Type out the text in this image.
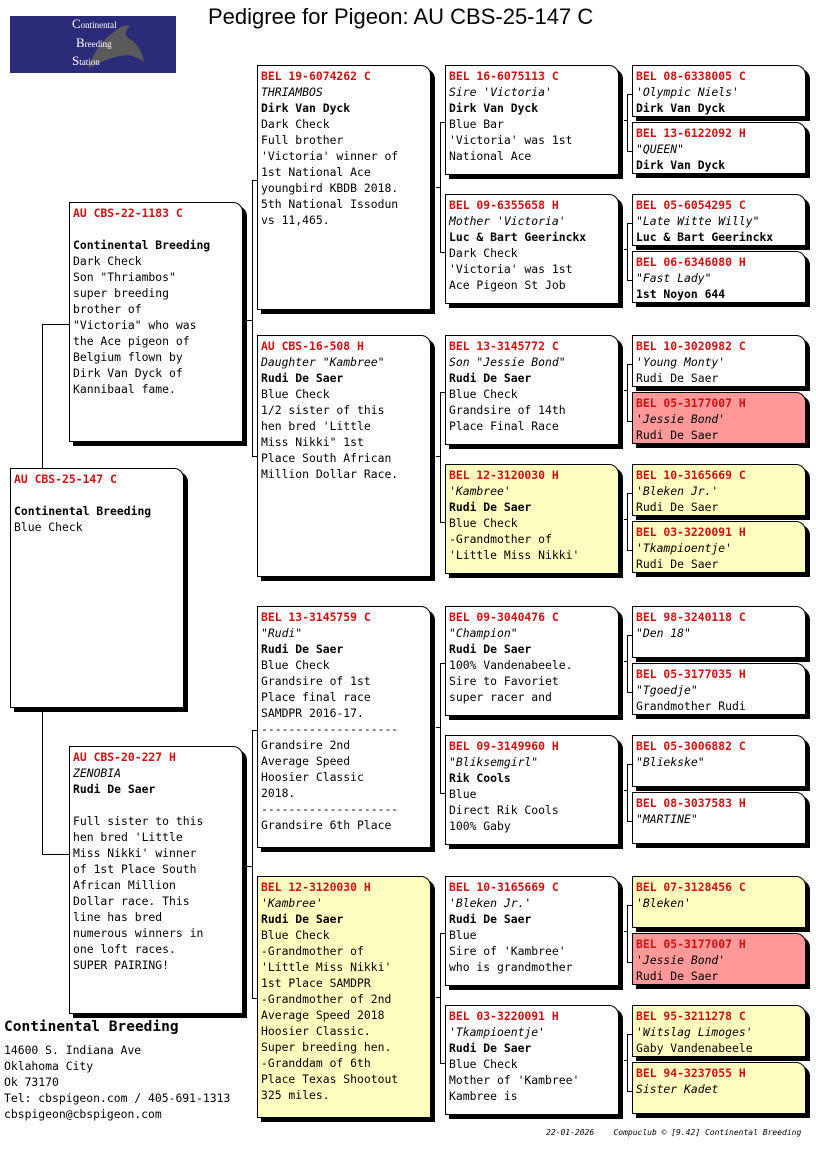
Pedigree for Pigeon: AU CBS-25-147 C
Continental
Breeding
Station
AU CBS-25-147 C
Continental Breeding
Blue Check
AU CBS-22-1183 C
Continental Breeding
Dark Check
Son "Thriambos"
super breeding
brother of
"Victoria" who was
the Ace pigeon of
Belgium flown by
Dirk Van Dyck of
Kannibaal fame.
AU CBS-20-227 H
ZENOBIA
Rudi De Saer
Full sister to this
hen bred 'Little
Miss Nikki' winner
of 1st Place South
African Million
Dollar race. This
line has bred
numerous winners in
one loft races.
SUPER PAIRING!
BEL 19-6074262 C
THRIAMBOS
Dirk Van Dyck
Dark Check
Full brother
'Victoria' winner of
1st National Ace
youngbird KBDB 2018.
5th National Issodun
vs 11,465.
AU CBS-16-508 H
Daughter "Kambree"
Rudi De Saer
Blue Check
1/2 sister of this
hen bred 'Little
Miss Nikki" 1st
Place South African
Million Dollar Race.
BEL 13-3145759 C
"Rudi"
Rudi De Saer
Blue Check
Grandsire of 1st
Place final race
SAMDPR 2016-17.
--------------------
Grandsire 2nd
Average Speed
Hoosier Classic
2018.
--------------------
Grandsire 6th Place
BEL 12-3120030 H
'Kambree'
Rudi De Saer
Blue Check
-Grandmother of
'Little Miss Nikki'
1st Place SAMDPR
-Grandmother of 2nd
Average Speed 2018
Hoosier Classic.
Super breeding hen.
-Granddam of 6th
Place Texas Shootout
325 miles.
BEL 16-6075113 C
Sire 'Victoria'
Dirk Van Dyck
Blue Bar
'Victoria' was 1st
National Ace
BEL 09-6355658 H
Mother 'Victoria'
Luc & Bart Geerinckx
Dark Check
'Victoria' was 1st
Ace Pigeon St Job
BEL 13-3145772 C
Son "Jessie Bond"
Rudi De Saer
Blue Check
Grandsire of 14th
Place Final Race
BEL 12-3120030 H
'Kambree'
Rudi De Saer
Blue Check
-Grandmother of
'Little Miss Nikki'
BEL 09-3040476 C
"Champion"
Rudi De Saer
100% Vandenabeele.
Sire to Favoriet
super racer and
BEL 09-3149960 H
"Bliksemgirl"
Rik Cools
Blue
Direct Rik Cools
100% Gaby
BEL 10-3165669 C
'Bleken Jr.'
Rudi De Saer
Blue
Sire of 'Kambree'
who is grandmother
BEL 03-3220091 H
'Tkampioentje'
Rudi De Saer
Blue Check
Mother of 'Kambree'
Kambree is
BEL 08-6338005 C
'Olympic Niels'
Dirk Van Dyck
BEL 13-6122092 H
"QUEEN"
Dirk Van Dyck
BEL 05-6054295 C
"Late Witte Willy"
Luc & Bart Geerinckx
BEL 06-6346080 H
"Fast Lady"
1st Noyon 644
BEL 10-3020982 C
'Young Monty'
Rudi De Saer
BEL 05-3177007 H
'Jessie Bond'
Rudi De Saer
BEL 10-3165669 C
'Bleken Jr.'
Rudi De Saer
BEL 03-3220091 H
'Tkampioentje'
Rudi De Saer
BEL 98-3240118 C
"Den 18"
BEL 05-3177035 H
"Tgoedje"
Grandmother Rudi
BEL 05-3006882 C
"Bliekske"
BEL 08-3037583 H
"MARTINE"
BEL 07-3128456 C
'Bleken'
BEL 05-3177007 H
'Jessie Bond'
Rudi De Saer
BEL 95-3211278 C
'Witslag Limoges'
Gaby Vandenabeele
BEL 94-3237055 H
Sister Kadet
Continental Breeding
14600 S. Indiana Ave
Oklahoma City
Ok 73170
Tel: cbspigeon.com / 405-691-1313
cbspigeon@cbspigeon.com
22-01-2026 Compuclub © [9.42] Continental Breeding
